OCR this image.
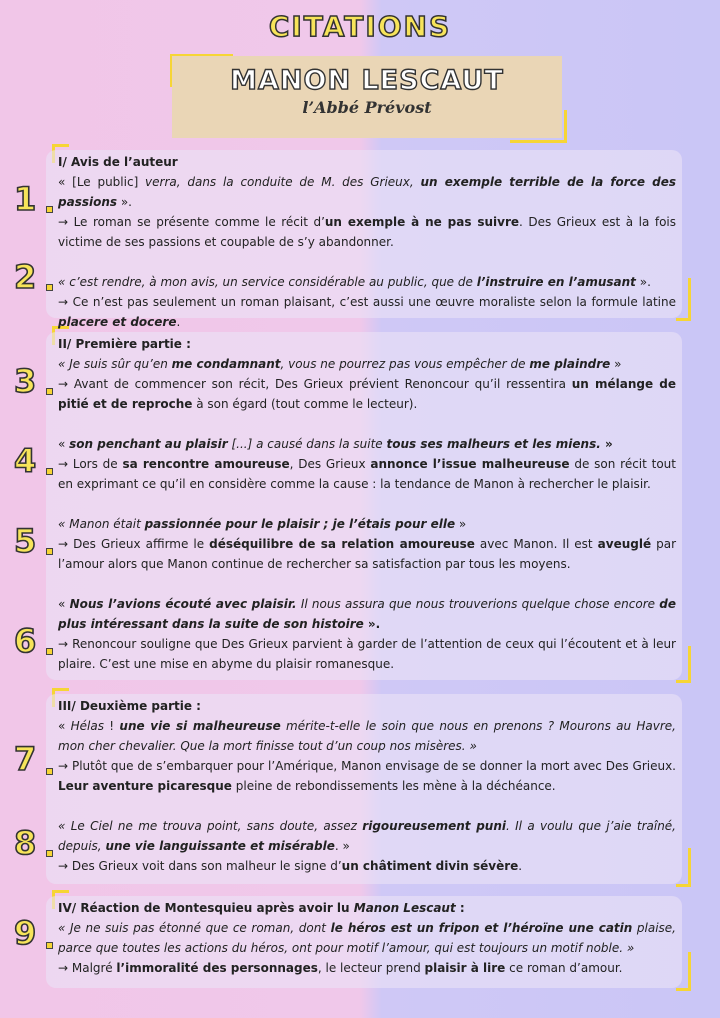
CITATIONS
MANON LESCAUT
l’Abbé Prévost
1
2
3
4
5
6
7
8
9
I/ Avis de l’auteur
« [Le public] verra, dans la conduite de M. des Grieux, un exemple terrible de la force des passions ».
→ Le roman se présente comme le récit d’un exemple à ne pas suivre. Des Grieux est à la fois victime de ses passions et coupable de s’y abandonner.
« c’est rendre, à mon avis, un service considérable au public, que de l’instruire en l’amusant ».
→ Ce n’est pas seulement un roman plaisant, c’est aussi une œuvre moraliste selon la formule latine placere et docere.
II/ Première partie :
« Je suis sûr qu’en me condamnant, vous ne pourrez pas vous empêcher de me plaindre »
→ Avant de commencer son récit, Des Grieux prévient Renoncour qu’il ressentira un mélange de pitié et de reproche à son égard (tout comme le lecteur).
« son penchant au plaisir [...] a causé dans la suite tous ses malheurs et les miens. »
→ Lors de sa rencontre amoureuse, Des Grieux annonce l’issue malheureuse de son récit tout en exprimant ce qu’il en considère comme la cause : la tendance de Manon à rechercher le plaisir.
« Manon était passionnée pour le plaisir ; je l’étais pour elle »
→ Des Grieux affirme le déséquilibre de sa relation amoureuse avec Manon. Il est aveuglé par l’amour alors que Manon continue de rechercher sa satisfaction par tous les moyens.
« Nous l’avions écouté avec plaisir. Il nous assura que nous trouverions quelque chose encore de plus intéressant dans la suite de son histoire ».
→ Renoncour souligne que Des Grieux parvient à garder de l’attention de ceux qui l’écoutent et à leur plaire. C’est une mise en abyme du plaisir romanesque.
III/ Deuxième partie :
« Hélas ! une vie si malheureuse mérite-t-elle le soin que nous en prenons ? Mourons au Havre, mon cher chevalier. Que la mort finisse tout d’un coup nos misères. »
→ Plutôt que de s’embarquer pour l’Amérique, Manon envisage de se donner la mort avec Des Grieux. Leur aventure picaresque pleine de rebondissements les mène à la déchéance.
« Le Ciel ne me trouva point, sans doute, assez rigoureusement puni. Il a voulu que j’aie traîné, depuis, une vie languissante et misérable. »
→ Des Grieux voit dans son malheur le signe d’un châtiment divin sévère.
IV/ Réaction de Montesquieu après avoir lu Manon Lescaut :
« Je ne suis pas étonné que ce roman, dont le héros est un fripon et l’héroïne une catin plaise, parce que toutes les actions du héros, ont pour motif l’amour, qui est toujours un motif noble. »
→ Malgré l’immoralité des personnages, le lecteur prend plaisir à lire ce roman d’amour.
